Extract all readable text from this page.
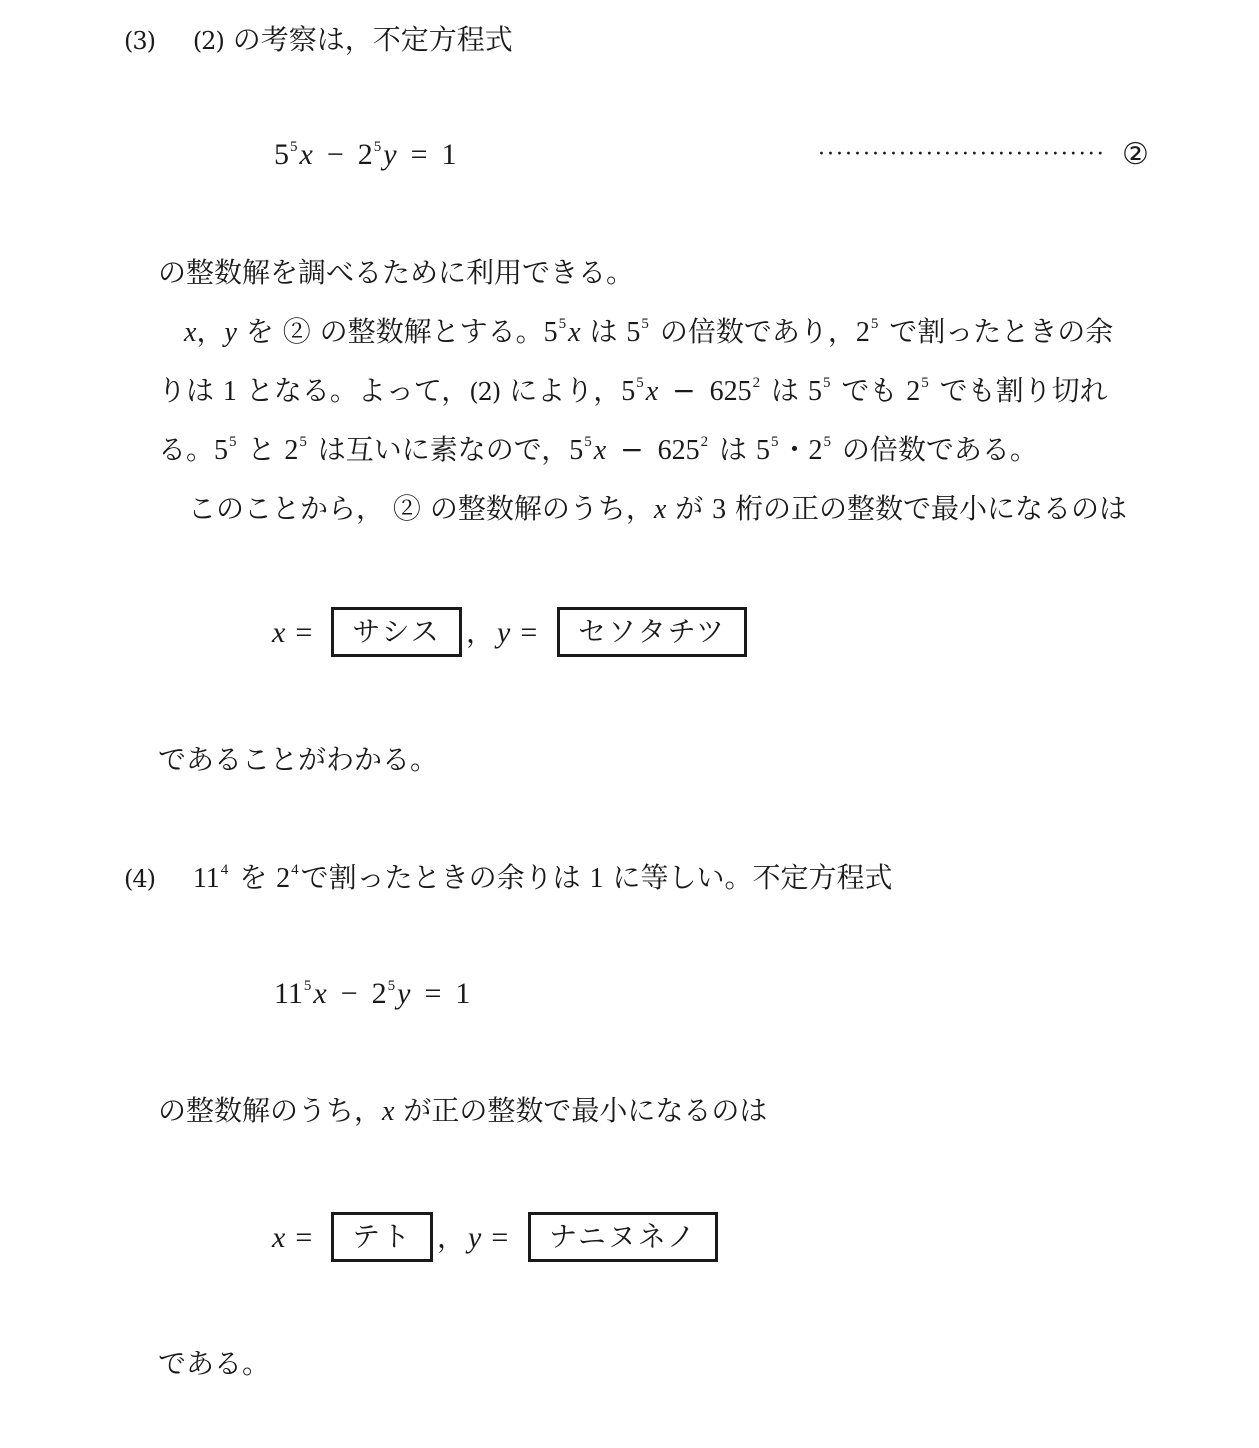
(3) (2) の考察は，不定方程式
$5^5x - 2^5y = 1$	································ ②
の整数解を調べるために利用できる。
x，y を ② の整数解とする。$5^5x$ は $5^5$ の倍数であり，$2^5$ で割ったときの余
りは 1 となる。よって，(2) により，$5^5x - 625^2$ は $5^5$ でも $2^5$ でも割り切れ
る。$5^5$ と $2^5$ は互いに素なので，$5^5x - 625^2$ は $5^5$・$2^5$ の倍数である。
このことから， ② の整数解のうち，x が 3 桁の正の整数で最小になるのは
x =	サシス ， y =	セソタチツ
であることがわかる。
(4) $11^4$ を $2^4$で割ったときの余りは 1 に等しい。不定方程式
$11^5x - 2^5y = 1$
の整数解のうち，x が正の整数で最小になるのは
x =	テト ， y =	ナニヌネノ
である。
